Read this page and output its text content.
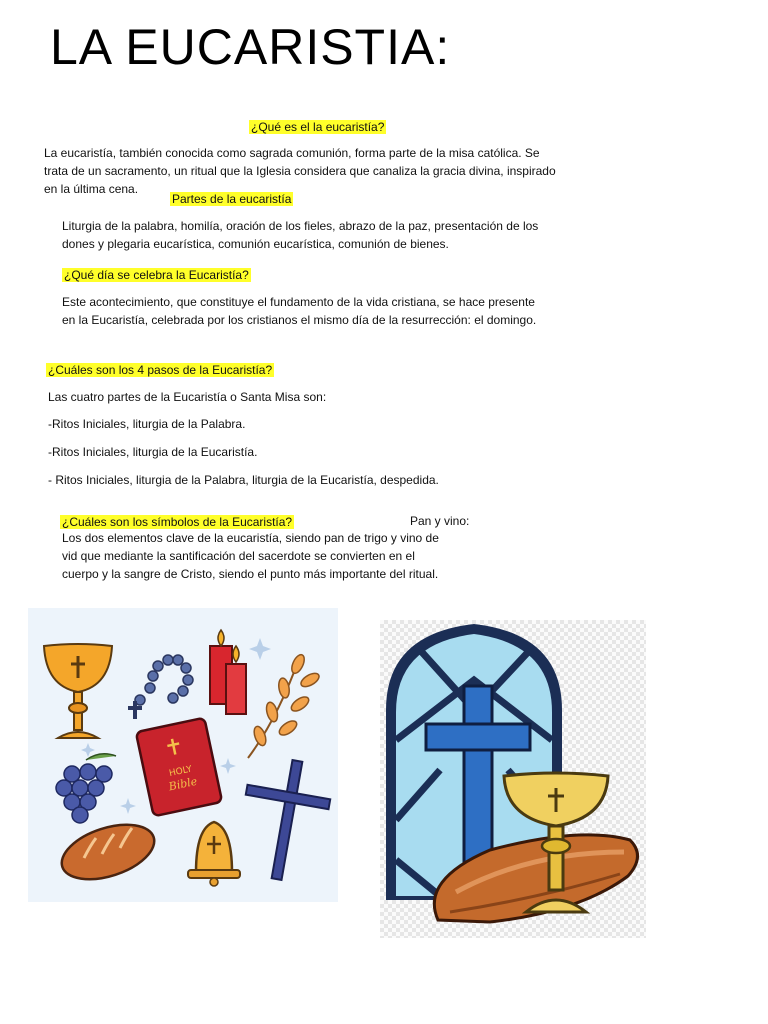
LA EUCARISTIA:
¿Qué es el la eucaristía?
La eucaristía, también conocida como sagrada comunión, forma parte de la misa católica. Se
trata de un sacramento, un ritual que la Iglesia considera que canaliza la gracia divina, inspirado
en la última cena.
Partes de la eucaristía
Liturgia de la palabra, homilía, oración de los fieles, abrazo de la paz, presentación de los
dones y plegaria eucarística, comunión eucarística, comunión de bienes.
¿Qué día se celebra la Eucaristía?
Este acontecimiento, que constituye el fundamento de la vida cristiana, se hace presente
en la Eucaristía, celebrada por los cristianos el mismo día de la resurrección: el domingo.
¿Cuáles son los 4 pasos de la Eucaristía?
Las cuatro partes de la Eucaristía o Santa Misa son:
-Ritos Iniciales, liturgia de la Palabra.
-Ritos Iniciales, liturgia de la Eucaristía.
- Ritos Iniciales, liturgia de la Palabra, liturgia de la Eucaristía, despedida.
¿Cuáles son los símbolos de la Eucaristía?	Pan y vino:
Los dos elementos clave de la eucaristía, siendo pan de trigo y vino de
vid que mediante la santificación del sacerdote se convierten en el
cuerpo y la sangre de Cristo, siendo el punto más importante del ritual.
HOLY
Bible
